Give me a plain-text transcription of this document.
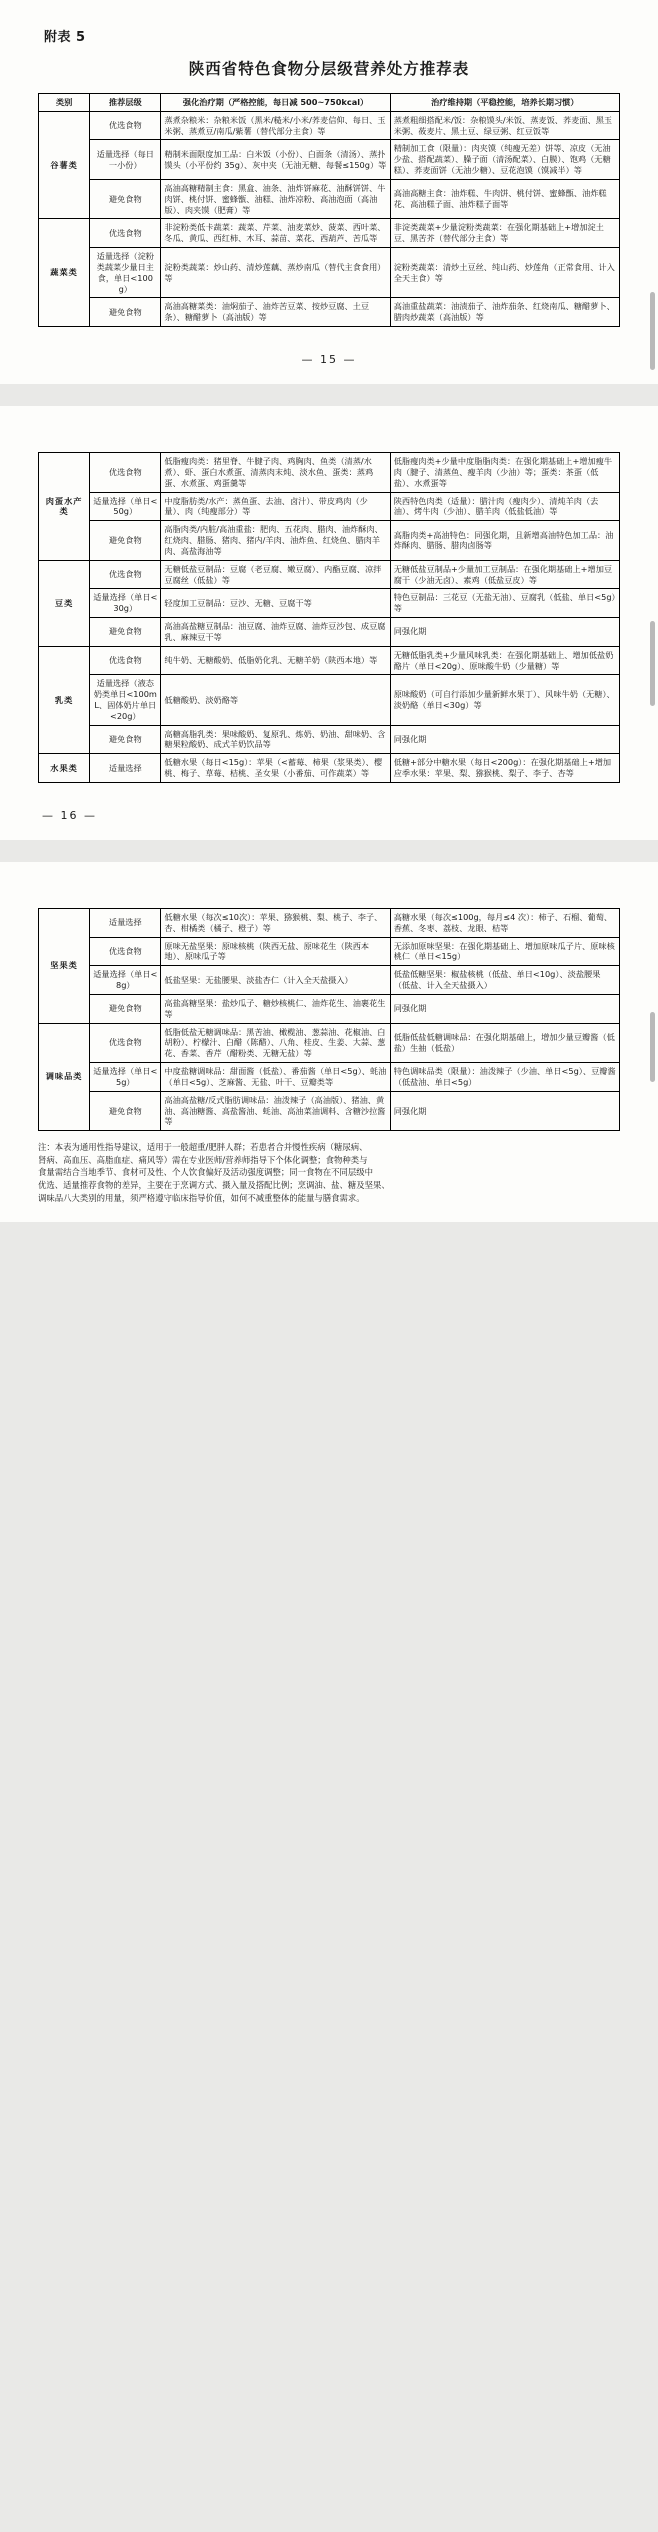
附表 5
陕西省特色食物分层级营养处方推荐表
类别	推荐层级	强化治疗期（严格控能，每日减 500~750kcal）	治疗维持期（平稳控能，培养长期习惯）
谷薯类	优选食物	蒸煮杂粮米：杂粮米饭（黑米/糙米/小米/荞麦信仰、每日、玉米粥、蒸煮豆/南瓜/紫薯（替代部分主食）等	蒸煮粗细搭配米/饭：杂粮馍头/米饭、蒸麦饭、荞麦面、黑玉米粥、莜麦片、黑土豆、绿豆粥、红豆饭等
	适量选择（每日一小份）	精制米面限度加工品：白米饭（小份）、白面条（清汤）、蒸扑馍头（小平份约 35g）、灰中夹（无油无糖、每餐≤150g）等	精制加工食（限量）：肉夹馍（纯瘦无差）饼等、凉皮（无油少盐、搭配蔬菜）、臊子面（清汤配菜）、白膜）、饱鸡（无糖糕）、荞麦面饼（无油少糖）、豆花泡馍（馍减半）等
	避免食物	高油高糖精制主食：黑盒、油条、油炸饼麻花、油酥饼饼、牛肉饼、桃付饼、蜜蜂甑、油糕、油炸凉粉、高油泡面（高油版）、肉夹馍（肥膏）等	高油高糖主食：油炸糕、牛肉饼、桃付饼、蜜蜂甑、油炸糕花、高油糕子面、油炸糕子面等
蔬菜类	优选食物	非淀粉类低卡蔬菜：蔬菜、芹菜、油麦菜炒、菠菜、西叶菜、冬瓜、黄瓜、西红柿、木耳、蒜苗、菜花、西葫芦、苦瓜等	非淀类蔬菜+少量淀粉类蔬菜：在强化期基础上+增加淀土豆、黑苦芥（替代部分主食）等
	适量选择（淀粉类蔬菜少量日主食，单日<100g）	淀粉类蔬菜：炒山药、清炒莲藕、蒸炒南瓜（替代主食食用）等	淀粉类蔬菜：清炒土豆丝、纯山药、炒莲角（正常食用、计入全天主食）等
	避免食物	高油高糖菜类：油焖茄子、油炸苦豆菜、按炒豆腐、土豆条）、糖醋萝卜（高油版）等	高油重盐蔬菜：油渍茄子、油炸茄条、红烧南瓜、糖醋萝卜、腊肉炒蔬菜（高油版）等
— 15 —
肉蛋水产类	优选食物	低脂瘦肉类：猪里脊、牛腱子肉、鸡胸肉、鱼类（清蒸/水煮）、虾、蛋白水煮蛋、清蒸肉末炖、淡水鱼、蛋类：蒸鸡蛋、水煮蛋、鸡蛋羹等	低脂瘦肉类+少量中度脂脂肉类：在强化期基础上+增加瘦牛肉（腱子、清蒸鱼、瘦羊肉（少油）等；蛋类：茶蛋（低盐）、水煮蛋等
	适量选择（单日<50g）	中度脂肪类/水产：蒸鱼蛋、去油、卤汁）、带皮鸡肉（少量）、肉（纯瘦部分）等	陕西特色肉类（适量）：腊汁肉（瘦肉少）、清炖羊肉（去油）、烤牛肉（少油）、腊羊肉（低盐低油）等
	避免食物	高脂肉类/内脏/高油重盐：肥肉、五花肉、腊肉、油炸酥肉、红烧肉、腊肠、猪肉、猪内/羊肉、油炸鱼、红烧鱼、腊肉羊肉、高盐海油等	高脂肉类+高油特色：同强化期，且新增高油特色加工品：油炸酥肉、腊肠、腊肉卤肠等
豆类	优选食物	无糖低盐豆制品：豆腐（老豆腐、嫩豆腐）、内酯豆腐、凉拌豆腐丝（低盐）等	无糖低盐豆制品+少量加工豆制品：在强化期基础上+增加豆腐干（少油无卤）、素鸡（低盐豆皮）等
	适量选择（单日<30g）	轻度加工豆制品：豆沙、无糖、豆腐干等	特色豆制品：三花豆（无盐无油）、豆腐乳（低盐、单日<5g）等
	避免食物	高油高盐糖豆制品：油豆腐、油炸豆腐、油炸豆沙包、成豆腐乳、麻辣豆干等	同强化期
乳类	优选食物	纯牛奶、无糖酸奶、低脂奶化乳、无糖羊奶（陕西本地）等	无糖低脂乳类+少量风味乳类：在强化期基础上、增加低盐奶酪片（单日<20g）、原味酸牛奶（少量糖）等
	适量选择（液态奶类单日<100mL、固体奶片单日<20g）	低糖酸奶、淡奶酪等	原味酸奶（可自行添加少量新鲜水果丁）、风味牛奶（无糖）、淡奶酪（单日<30g）等
	避免食物	高糖高脂乳类：果味酸奶、复原乳、炼奶、奶油、甜味奶、含糖果粒酸奶、成式羊奶饮品等	同强化期
水果类	适量选择	低糖水果（每日<15g）：苹果（<蓄莓、柿果（浆果类）、樱桃、梅子、草莓、桔桃、圣女果（小番茄、可作蔬菜）等	低糖+部分中糖水果（每日<200g）：在强化期基础上+增加应季水果：苹果、梨、猕猴桃、梨子、李子、杏等
— 16 —
坚果类	适量选择	低糖水果（每次≤10次）：苹果、猕猴桃、梨、桃子、李子、杏、柑橘类（橘子、橙子）等	高糖水果（每次≤100g，每月≤4 次）：柿子、石榴、葡萄、香蕉、冬枣、荔枝、龙眼、桔等
	优选食物	原味无盐坚果：原味核桃（陕西无盐、原味花生（陕西本地）、原味瓜子等	无添加原味坚果：在强化期基础上、增加原味瓜子片、原味核桃仁（单日<15g）
	适量选择（单日<8g）	低盐坚果：无盐腰果、淡盐杏仁（计入全天盐摄入）	低盐低糖坚果：椒盐核桃（低盐、单日<10g）、淡盐腰果（低盐、计入全天盐摄入）
	避免食物	高盐高糖坚果：盐炒瓜子、糖炒核桃仁、油炸花生、油裹花生等	同强化期
调味品类	优选食物	低脂低盐无糖调味品：黑苦油、橄榄油、葱蒜油、花椒油、白胡粉）、柠檬汁、白醋（陈醋）、八角、桂皮、生姜、大蒜、葱花、香菜、香芹（醋粉类、无糖无盐）等	低脂低盐低糖调味品：在强化期基础上，增加少量豆瓣酱（低盐）生抽（低盐）
	适量选择（单日<5g）	中度盐糖调味品：甜面酱（低盐）、番茄酱（单日<5g）、蚝油（单日<5g）、芝麻酱、无盐、叶干、豆瓣类等	特色调味品类（限量）：油泼辣子（少油、单日<5g）、豆瓣酱（低盐油、单日<5g）
	避免食物	高油高盐糖/反式脂肪调味品：油泼辣子（高油版）、猪油、黄油、高油糖酱、高盐酱油、蚝油、高油菜油调料、含糖沙拉酱等	同强化期
注：本表为通用性指导建议，适用于一般超重/肥胖人群；若患者合并慢性疾病（糖尿病、
肾病、高血压、高脂血症、痛风等）需在专业医师/营养师指导下个体化调整；食物种类与
食量需结合当地季节、食材可及性、个人饮食偏好及活动强度调整；同一食物在不同层级中
优选、适量推荐食物的差异，主要在于烹调方式、摄入量及搭配比例；烹调油、盐、糖及坚果、
调味品八大类别的用量，须严格遵守临床指导价值，如何不减重整体的能量与膳食需求。
